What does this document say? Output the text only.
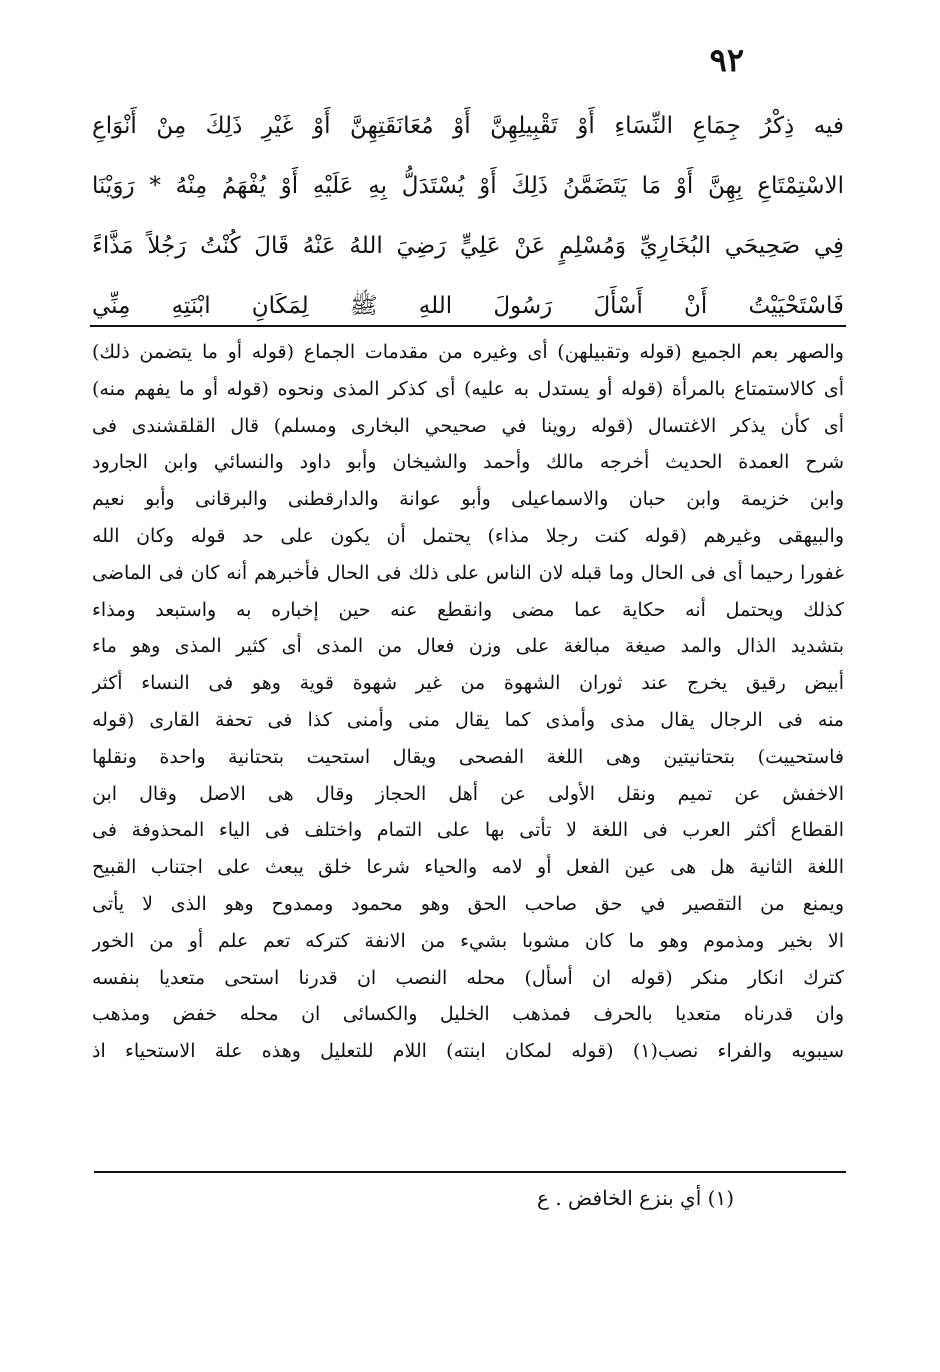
٩٢
فيه ذِكْرُ جِمَاعِ النِّسَاءِ أَوْ تَقْبِيلِهِنَّ أَوْ مُعَانَقَتِهِنَّ أَوْ غَيْرِ ذَلِكَ مِنْ أَنْوَاعِ
الاسْتِمْتَاعِ بِهِنَّ أَوْ مَا يَتَضَمَّنُ ذَلِكَ أَوْ يُسْتَدَلُّ بِهِ عَلَيْهِ أَوْ يُفْهَمُ مِنْهُ * رَوَيْنَا
فِي صَحِيحَي البُخَارِيِّ وَمُسْلِمٍ عَنْ عَلِيٍّ رَضِيَ اللهُ عَنْهُ قَالَ كُنْتُ رَجُلاً مَذَّاءً
فَاسْتَحْيَيْتُ أَنْ أَسْأَلَ رَسُولَ اللهِ ﷺ لِمَكَانِ ابْنَتِهِ مِنِّي
والصهر بعم الجميع (قوله وتقبيلهن) أى وغيره من مقدمات الجماع (قوله أو ما يتضمن ذلك)
أى كالاستمتاع بالمرأة (قوله أو يستدل به عليه) أى كذكر المذى ونحوه (قوله أو ما يفهم منه)
أى كأن يذكر الاغتسال (قوله روينا في صحيحي البخارى ومسلم) قال القلقشندى فى
شرح العمدة الحديث أخرجه مالك وأحمد والشيخان وأبو داود والنسائي وابن الجارود
وابن خزيمة وابن حبان والاسماعيلى وأبو عوانة والدارقطنى والبرقانى وأبو نعيم
والبيهقى وغيرهم (قوله كنت رجلا مذاء) يحتمل أن يكون على حد قوله وكان الله
غفورا رحيما أى فى الحال وما قبله لان الناس على ذلك فى الحال فأخبرهم أنه كان فى الماضى
كذلك ويحتمل أنه حكاية عما مضى وانقطع عنه حين إخباره به واستبعد ومذاء
بتشديد الذال والمد صيغة مبالغة على وزن فعال من المذى أى كثير المذى وهو ماء
أبيض رقيق يخرج عند ثوران الشهوة من غير شهوة قوية وهو فى النساء أكثر
منه فى الرجال يقال مذى وأمذى كما يقال منى وأمنى كذا فى تحفة القارى (قوله
فاستحييت) بتحتانيتين وهى اللغة الفصحى ويقال استحيت بتحتانية واحدة ونقلها
الاخفش عن تميم ونقل الأولى عن أهل الحجاز وقال هى الاصل وقال ابن
القطاع أكثر العرب فى اللغة لا تأتى بها على التمام واختلف فى الياء المحذوفة فى
اللغة الثانية هل هى عين الفعل أو لامه والحياء شرعا خلق يبعث على اجتناب القبيح
ويمنع من التقصير في حق صاحب الحق وهو محمود وممدوح وهو الذى لا يأتى
الا بخير ومذموم وهو ما كان مشوبا بشيء من الانفة كتركه تعم علم أو من الخور
كترك انكار منكر (قوله ان أسأل) محله النصب ان قدرنا استحى متعديا بنفسه
وان قدرناه متعديا بالحرف فمذهب الخليل والكسائى ان محله خفض ومذهب
سيبويه والفراء نصب(١) (قوله لمكان ابنته) اللام للتعليل وهذه علة الاستحياء اذ
(١) أي بنزع الخافض . ع
